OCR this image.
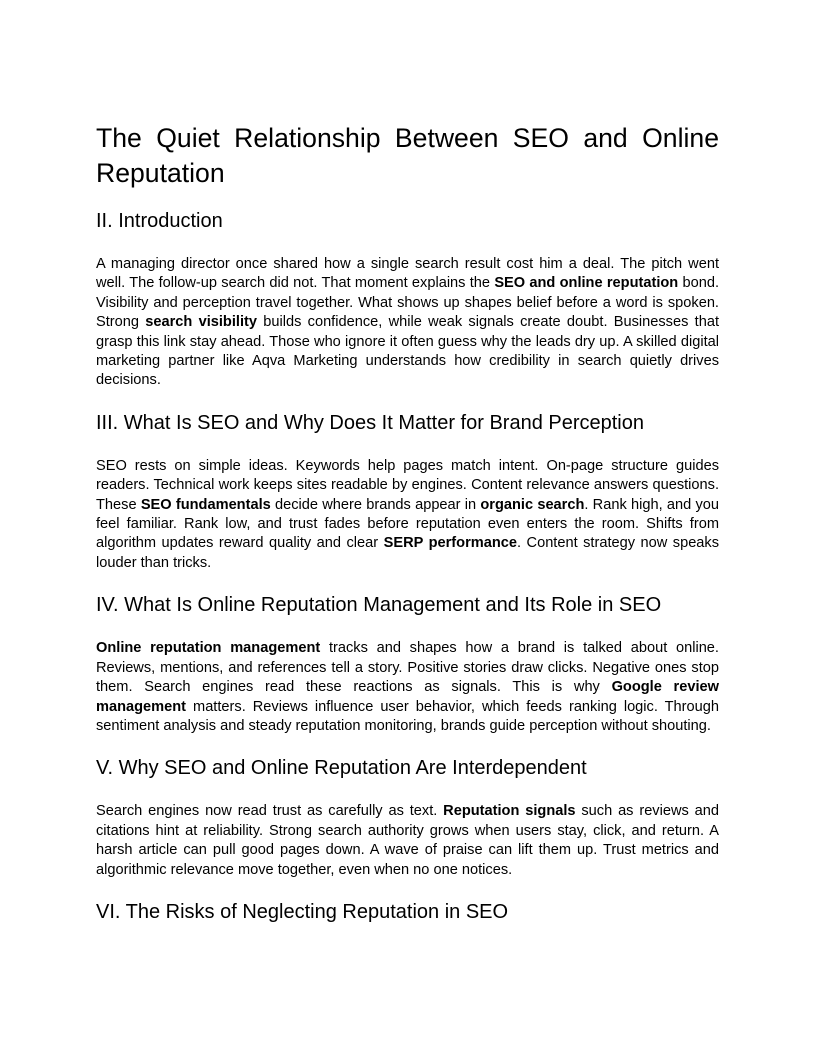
The Quiet Relationship Between SEO and Online Reputation
II. Introduction

A managing director once shared how a single search result cost him a deal. The pitch went well. The follow-up search did not. That moment explains the SEO and online reputation bond. Visibility and perception travel together. What shows up shapes belief before a word is spoken. Strong search visibility builds confidence, while weak signals create doubt. Businesses that grasp this link stay ahead. Those who ignore it often guess why the leads dry up. A skilled digital marketing partner like Aqva Marketing understands how credibility in search quietly drives decisions.

III. What Is SEO and Why Does It Matter for Brand Perception

SEO rests on simple ideas. Keywords help pages match intent. On-page structure guides readers. Technical work keeps sites readable by engines. Content relevance answers questions. These SEO fundamentals decide where brands appear in organic search. Rank high, and you feel familiar. Rank low, and trust fades before reputation even enters the room. Shifts from algorithm updates reward quality and clear SERP performance. Content strategy now speaks louder than tricks.

IV. What Is Online Reputation Management and Its Role in SEO

Online reputation management tracks and shapes how a brand is talked about online. Reviews, mentions, and references tell a story. Positive stories draw clicks. Negative ones stop them. Search engines read these reactions as signals. This is why Google review management matters. Reviews influence user behavior, which feeds ranking logic. Through sentiment analysis and steady reputation monitoring, brands guide perception without shouting.

V. Why SEO and Online Reputation Are Interdependent

Search engines now read trust as carefully as text. Reputation signals such as reviews and citations hint at reliability. Strong search authority grows when users stay, click, and return. A harsh article can pull good pages down. A wave of praise can lift them up. Trust metrics and algorithmic relevance move together, even when no one notices.

VI. The Risks of Neglecting Reputation in SEO
